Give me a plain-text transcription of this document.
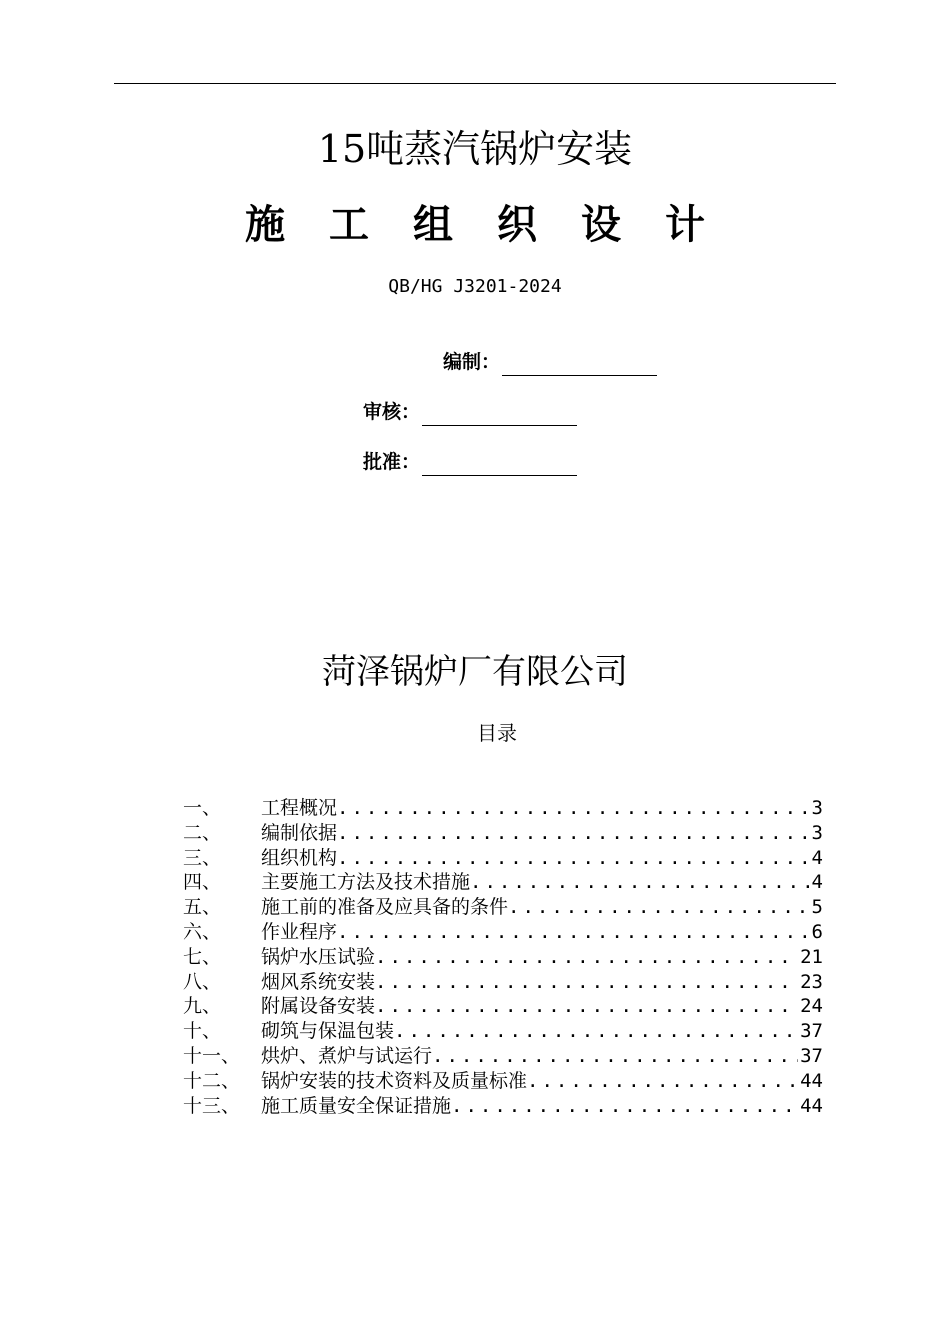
15吨蒸汽锅炉安装
施 工 组 织 设 计
QB/HG J3201-2024
编制：
审核：
批准：
菏泽锅炉厂有限公司
目录
一、	工程概况 .....	3
二、	编制依据 .....	3
三、	组织机构 .....	4
四、	主要施工方法及技术措施 .....	4
五、	施工前的准备及应具备的条件 .....	5
六、	作业程序 .....	6
七、	锅炉水压试验 .....	21
八、	烟风系统安装 .....	23
九、	附属设备安装 .....	24
十、	砌筑与保温包装 .....	37
十一、	烘炉、煮炉与试运行 .....	37
十二、	锅炉安装的技术资料及质量标准 .....	44
十三、	施工质量安全保证措施 .....	44
